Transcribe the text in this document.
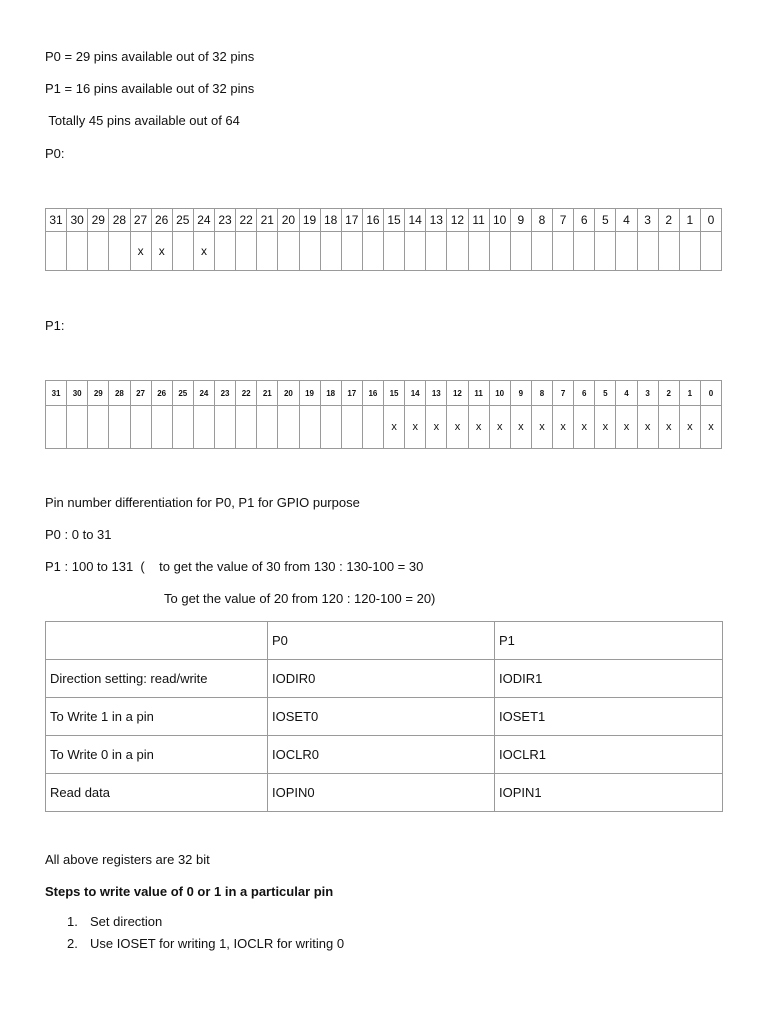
P0 = 29 pins available out of 32 pins
P1 = 16 pins available out of 32 pins
Totally 45 pins available out of 64
P0:
31	30	29	28	27	26	25	24	23	22	21	20	19	18	17	16	15	14	13	12	11	10	9	8	7	6	5	4	3	2	1	0
				x	x		x																								
P1:
31	30	29	28	27	26	25	24	23	22	21	20	19	18	17	16	15	14	13	12	11	10	9	8	7	6	5	4	3	2	1	0
																x	x	x	x	x	x	x	x	x	x	x	x	x	x	x	x
Pin number differentiation for P0, P1 for GPIO purpose
P0 : 0 to 31
P1 : 100 to 131  (    to get the value of 30 from 130 : 130-100 = 30
To get the value of 20 from 120 : 120-100 = 20)
	P0	P1
Direction setting: read/write	IODIR0	IODIR1
To Write 1 in a pin	IOSET0	IOSET1
To Write 0 in a pin	IOCLR0	IOCLR1
Read data	IOPIN0	IOPIN1
All above registers are 32 bit
Steps to write value of 0 or 1 in a particular pin
1. Set direction
2. Use IOSET for writing 1, IOCLR for writing 0
